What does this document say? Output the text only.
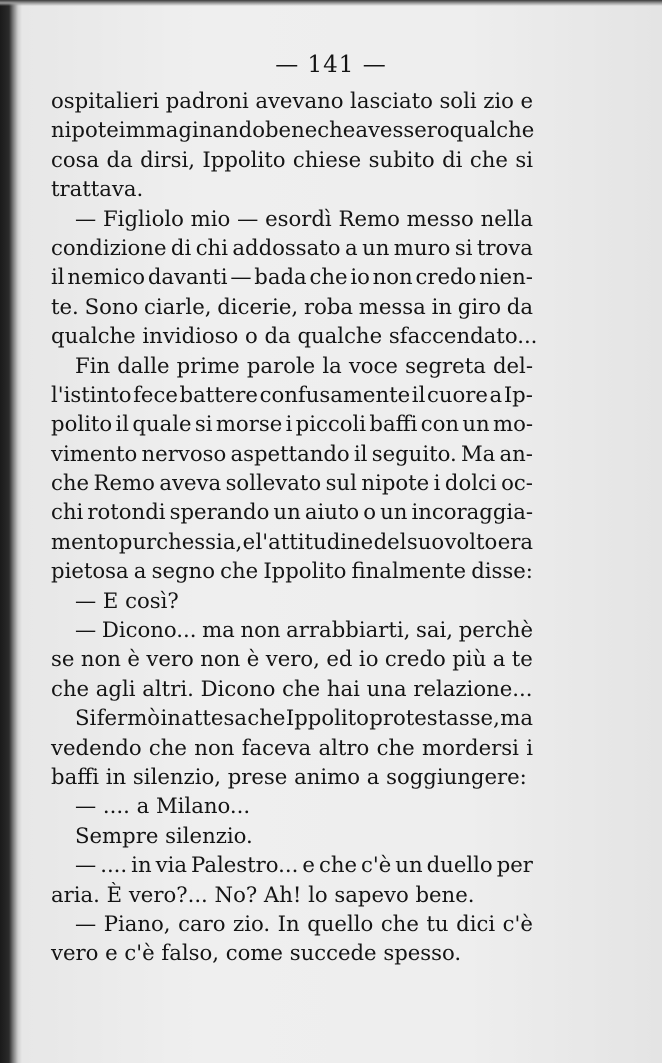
— 141 —
ospitalieri padroni avevano lasciato soli zio e
nipote immaginando bene che avessero qualche
cosa da dirsi, Ippolito chiese subito di che si
trattava.
— Figliolo mio — esordì Remo messo nella
condizione di chi addossato a un muro si trova
il nemico davanti — bada che io non credo nien-
te. Sono ciarle, dicerie, roba messa in giro da
qualche invidioso o da qualche sfaccendato...
Fin dalle prime parole la voce segreta del-
l'istinto fece battere confusamente il cuore a Ip-
polito il quale si morse i piccoli baffi con un mo-
vimento nervoso aspettando il seguito. Ma an-
che Remo aveva sollevato sul nipote i dolci oc-
chi rotondi sperando un aiuto o un incoraggia-
mento purchessia, e l'attitudine del suo volto era
pietosa a segno che Ippolito finalmente disse:
— E così?
— Dicono... ma non arrabbiarti, sai, perchè
se non è vero non è vero, ed io credo più a te
che agli altri. Dicono che hai una relazione...
Si fermò in attesa che Ippolito protestasse, ma
vedendo che non faceva altro che mordersi i
baffi in silenzio, prese animo a soggiungere:
— .... a Milano...
Sempre silenzio.
— .... in via Palestro... e che c'è un duello per
aria. È vero?... No? Ah! lo sapevo bene.
— Piano, caro zio. In quello che tu dici c'è
vero e c'è falso, come succede spesso.
